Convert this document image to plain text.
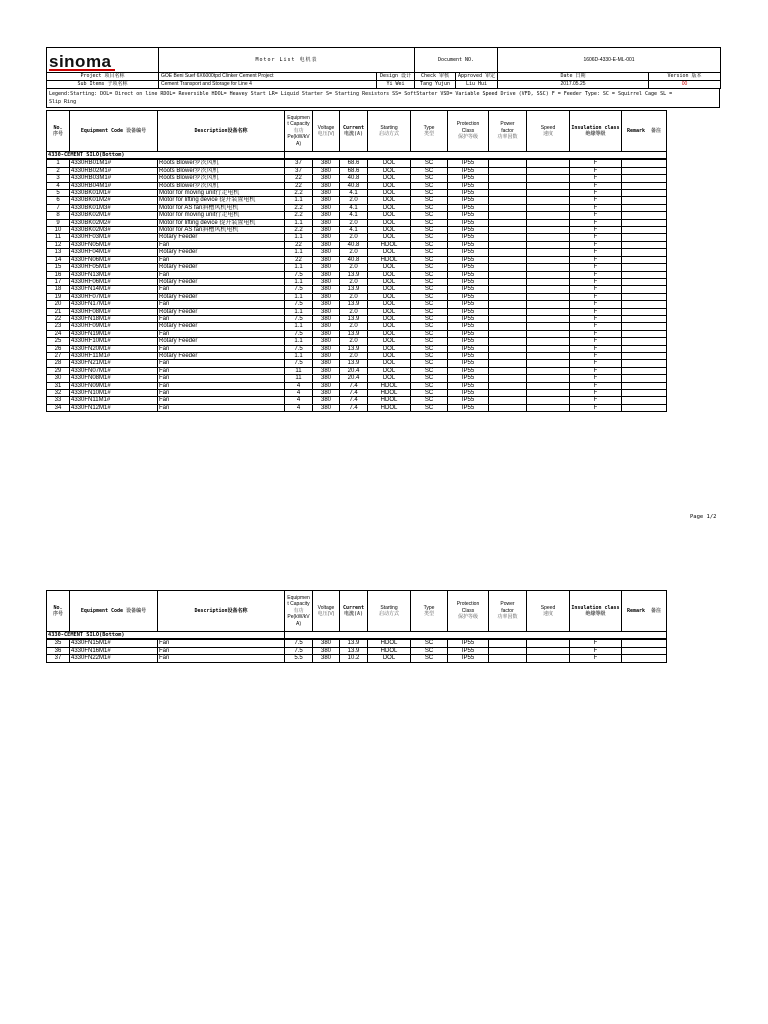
sinoma	Motor List 电机表		Document NO.		1606D-4330-E-ML-001	
Project 项目名称	GOE Beni Suef 6X6000tpd Clinker Cement Project	Design 设计	Check 审核	Approved 审定	Date 日期	Version 版本
Sub Items 子项名称	Cement Transport and Storage for Line 4	Yi Wei	Tang Yujun	Liu Hui	2017.05.25	00
Legend:Starting: DOL= Direct on line RDOL= Reversible HDOL= Heavey Start LR= Liquid Starter S= Starting Resistors SS= SoftStarter VSD= Variable Speed Drive (VFD, SSC) F = Feeder Type: SC = Squirrel Cage SL =
Slip Ring
No.
序号	Equipment Code 设备编号	Description设备名称	Equipmen
t Capacity
有功
Pe(kW/kV
A)	Voltage
电压(V)	Current
电流(A)	Starting
启动方式	Type
类型	Protection
Class
保护等级	Power
factor
功率因数	Speed
速度	Insulation class
绝缘等级	Remark 备注	
4330-CEMENT SILO(Bottom)													
1	4330RB01M1#	Roots Blower罗茨风机	37	380	68.6	DOL	SC	IP55			F		
2	4330RB02M1#	Roots Blower罗茨风机	37	380	68.6	DOL	SC	IP55			F		
3	4330RB03M1#	Roots Blower罗茨风机	22	380	40.8	DOL	SC	IP55			F		
4	4330RB04M1#	Roots Blower罗茨风机	22	380	40.8	DOL	SC	IP55			F		
5	4330BK01M1#	Motor for moving unit行走电机	2.2	380	4.1	DOL	SC	IP55			F		
6	4330BK01M2#	Motor for lifting device 提升装置电机	1.1	380	2.0	DOL	SC	IP55			F		
7	4330BK01M3#	Motor for AS fan斜槽风机电机	2.2	380	4.1	DOL	SC	IP55			F		
8	4330BK02M1#	Motor for moving unit行走电机	2.2	380	4.1	DOL	SC	IP55			F		
9	4330BK02M2#	Motor for lifting device 提升装置电机	1.1	380	2.0	DOL	SC	IP55			F		
10	4330BK02M3#	Motor for AS fan斜槽风机电机	2.2	380	4.1	DOL	SC	IP55			F		
11	4330RF03M1#	Rotary Feeder	1.1	380	2.0	DOL	SC	IP55			F		
12	4330FN05M1#	Fan	22	380	40.8	HDOL	SC	IP55			F		
13	4330RF04M1#	Rotary Feeder	1.1	380	2.0	DOL	SC	IP55			F		
14	4330FN06M1#	Fan	22	380	40.8	HDOL	SC	IP55			F		
15	4330RF05M1#	Rotary Feeder	1.1	380	2.0	DOL	SC	IP55			F		
16	4330FN13M1#	Fan	7.5	380	13.9	DOL	SC	IP55			F		
17	4330RF06M1#	Rotary Feeder	1.1	380	2.0	DOL	SC	IP55			F		
18	4330FN14M1#	Fan	7.5	380	13.9	DOL	SC	IP55			F		
19	4330RF07M1#	Rotary Feeder	1.1	380	2.0	DOL	SC	IP55			F		
20	4330FN17M1#	Fan	7.5	380	13.9	DOL	SC	IP55			F		
21	4330RF08M1#	Rotary Feeder	1.1	380	2.0	DOL	SC	IP55			F		
22	4330FN18M1#	Fan	7.5	380	13.9	DOL	SC	IP55			F		
23	4330RF09M1#	Rotary Feeder	1.1	380	2.0	DOL	SC	IP55			F		
24	4330FN19M1#	Fan	7.5	380	13.9	DOL	SC	IP55			F		
25	4330RF10M1#	Rotary Feeder	1.1	380	2.0	DOL	SC	IP55			F		
26	4330FN20M1#	Fan	7.5	380	13.9	DOL	SC	IP55			F		
27	4330RF11M1#	Rotary Feeder	1.1	380	2.0	DOL	SC	IP55			F		
28	4330FN21M1#	Fan	7.5	380	13.9	DOL	SC	IP55			F		
29	4330FN07M1#	Fan	11	380	20.4	DOL	SC	IP55			F		
30	4330FN08M1#	Fan	11	380	20.4	DOL	SC	IP55			F		
31	4330FN09M1#	Fan	4	380	7.4	HDOL	SC	IP55			F		
32	4330FN10M1#	Fan	4	380	7.4	HDOL	SC	IP55			F		
33	4330FN11M1#	Fan	4	380	7.4	HDOL	SC	IP55			F		
34	4330FN12M1#	Fan	4	380	7.4	HDOL	SC	IP55			F		
Page 1/2
No.
序号	Equipment Code 设备编号	Description设备名称	Equipmen
t Capacity
有功
Pe(kW/kV
A)	Voltage
电压(V)	Current
电流(A)	Starting
启动方式	Type
类型	Protection
Class
保护等级	Power
factor
功率因数	Speed
速度	Insulation class
绝缘等级	Remark 备注	
4330-CEMENT SILO(Bottom)													
35	4330FN15M1#	Fan	7.5	380	13.9	HDOL	SC	IP55			F		
36	4330FN16M1#	Fan	7.5	380	13.9	HDOL	SC	IP55			F		
37	4330FN22M1#	Fan	5.5	380	10.2	DOL	SC	IP55			F		
